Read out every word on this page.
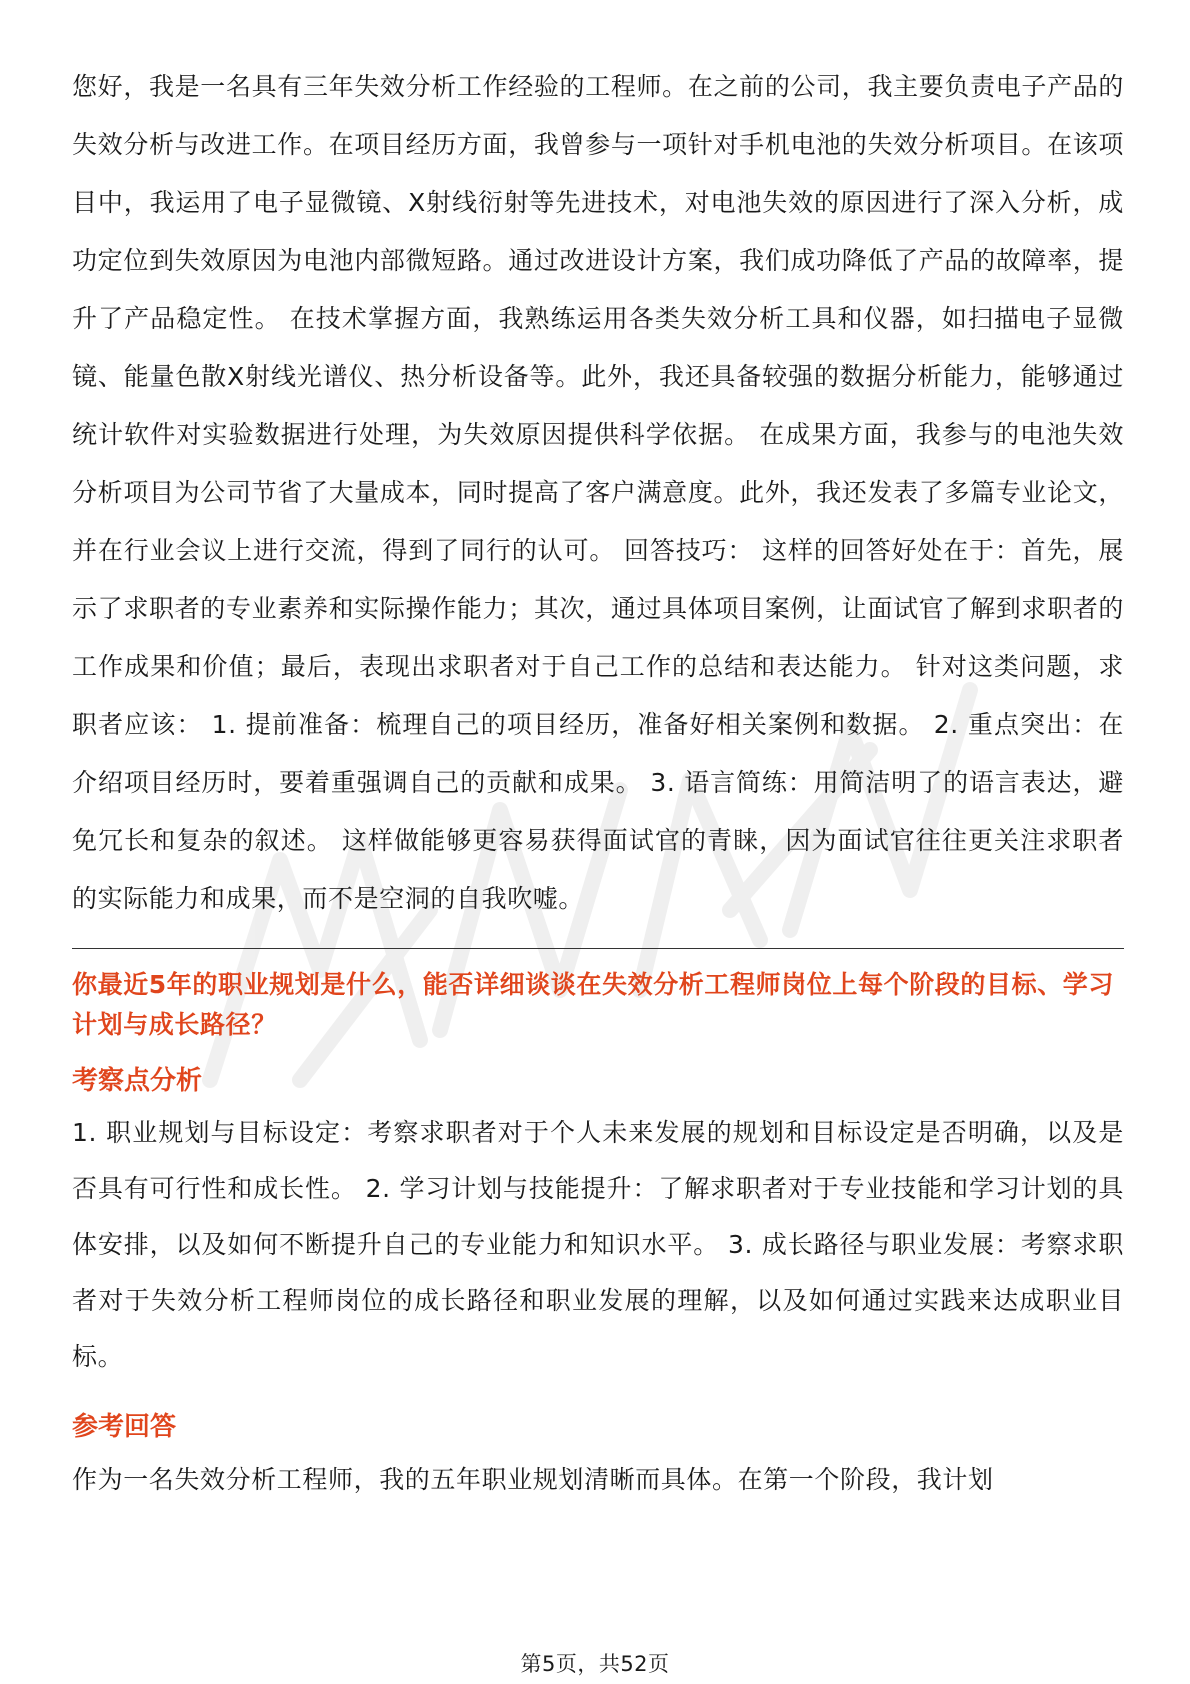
您好，我是一名具有三年失效分析工作经验的工程师。在之前的公司，我主要负责电子产品的失效分析与改进工作。在项目经历方面，我曾参与一项针对手机电池的失效分析项目。在该项目中，我运用了电子显微镜、X射线衍射等先进技术，对电池失效的原因进行了深入分析，成功定位到失效原因为电池内部微短路。通过改进设计方案，我们成功降低了产品的故障率，提升了产品稳定性。 在技术掌握方面，我熟练运用各类失效分析工具和仪器，如扫描电子显微镜、能量色散X射线光谱仪、热分析设备等。此外，我还具备较强的数据分析能力，能够通过统计软件对实验数据进行处理，为失效原因提供科学依据。 在成果方面，我参与的电池失效分析项目为公司节省了大量成本，同时提高了客户满意度。此外，我还发表了多篇专业论文，并在行业会议上进行交流，得到了同行的认可。 回答技巧： 这样的回答好处在于：首先，展示了求职者的专业素养和实际操作能力；其次，通过具体项目案例，让面试官了解到求职者的工作成果和价值；最后，表现出求职者对于自己工作的总结和表达能力。 针对这类问题，求职者应该： 1. 提前准备：梳理自己的项目经历，准备好相关案例和数据。 2. 重点突出：在介绍项目经历时，要着重强调自己的贡献和成果。 3. 语言简练：用简洁明了的语言表达，避免冗长和复杂的叙述。 这样做能够更容易获得面试官的青睐，因为面试官往往更关注求职者的实际能力和成果，而不是空洞的自我吹嘘。

你最近5年的职业规划是什么，能否详细谈谈在失效分析工程师岗位上每个阶段的目标、学习计划与成长路径？

考察点分析

1. 职业规划与目标设定：考察求职者对于个人未来发展的规划和目标设定是否明确，以及是否具有可行性和成长性。 2. 学习计划与技能提升：了解求职者对于专业技能和学习计划的具体安排，以及如何不断提升自己的专业能力和知识水平。 3. 成长路径与职业发展：考察求职者对于失效分析工程师岗位的成长路径和职业发展的理解，以及如何通过实践来达成职业目标。

参考回答

作为一名失效分析工程师，我的五年职业规划清晰而具体。在第一个阶段，我计划

第5页，共52页
